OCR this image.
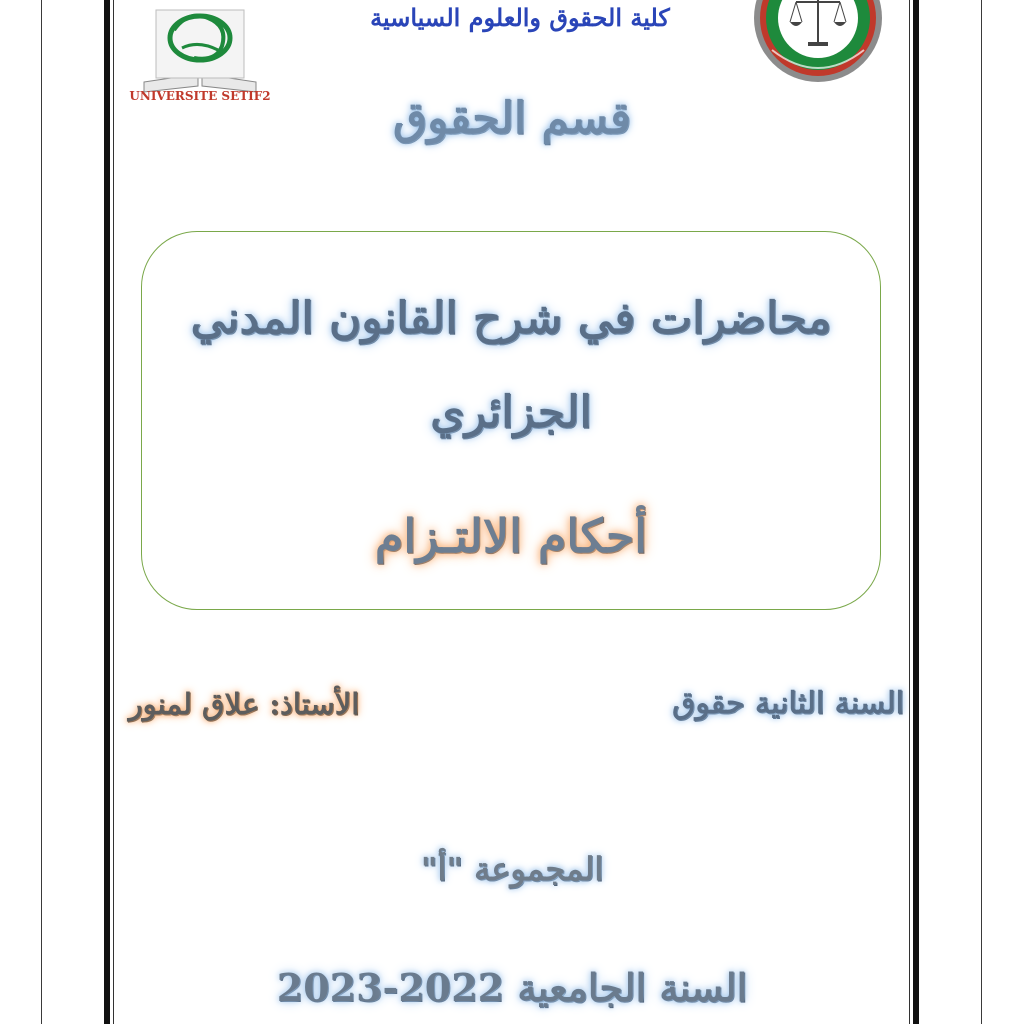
UNIVERSITE SETIF2
كلية الحقوق والعلوم السياسية
قسم الحقوق
محاضرات في شرح القانون المدني
الجزائري
أحكام الالتـزام
السنة الثانية حقوق
الأستاذ: علاق لمنور
المجموعة "أ"
السنة الجامعية 2022-2023
